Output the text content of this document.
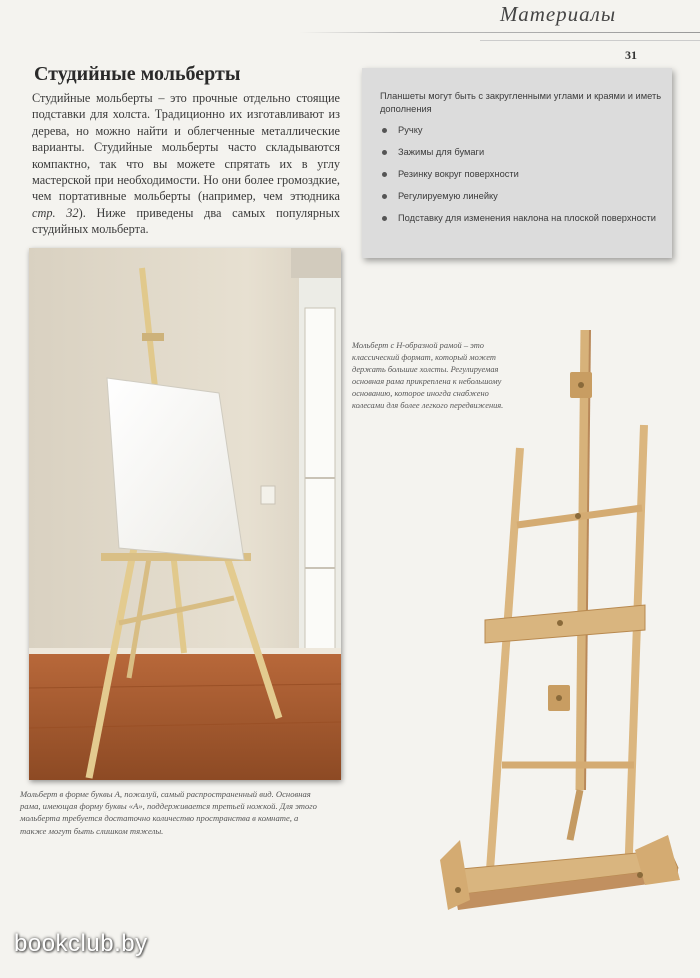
Материалы
31
Студийные мольберты
Студийные мольберты – это прочные отдельно стоящие подставки для холста. Традиционно их изготавливают из дерева, но можно найти и облегченные металлические варианты. Студийные мольберты часто складываются компактно, так что вы можете спрятать их в углу мастерской при необходимости. Но они более громоздкие, чем портативные мольберты (например, чем этюдника стр. 32). Ниже приведены два самых популярных студийных мольберта.
Планшеты могут быть с закругленными углами и краями и иметь дополнения
Ручку
Зажимы для бумаги
Резинку вокруг поверхности
Регулируемую линейку
Подставку для изменения наклона на плоской поверхности
Мольберт в форме буквы А, пожалуй, самый распространенный вид. Основная рама, имеющая форму буквы «А», поддерживается третьей ножкой. Для этого мольберта требуется достаточно количество пространства в комнате, а также могут быть слишком тяжелы.
Мольберт с Н-образной рамой – это классический формат, который может держать большие холсты. Регулируемая основная рама прикреплена к небольшому основанию, которое иногда снабжено колесами для более легкого передвижения.
bookclub.by
